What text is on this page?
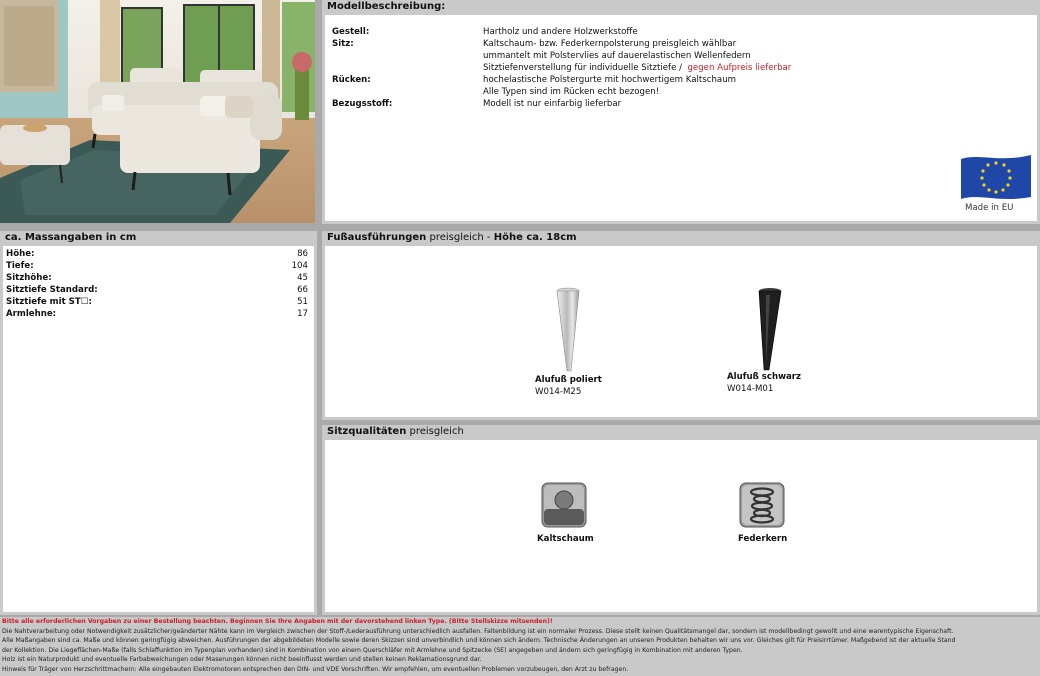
Modellbeschreibung:
Gestell:	Hartholz und andere Holzwerkstoffe
Sitz:	Kaltschaum- bzw. Federkernpolsterung preisgleich wählbar
ummantelt mit Polstervlies auf dauerelastischen Wellenfedern
Sitztiefenverstellung für individuelle Sitztiefe / gegen Aufpreis lieferbar
Rücken:	hochelastische Polstergurte mit hochwertigem Kaltschaum
Alle Typen sind im Rücken echt bezogen!
Bezugsstoff:	Modell ist nur einfarbig lieferbar
Made in EU
ca. Massangaben in cm
Höhe:	86
Tiefe:	104
Sitzhöhe:	45
Sitztiefe Standard:	66
Sitztiefe mit ST☐:	51
Armlehne:	17
Fußausführungen preisgleich - Höhe ca. 18cm
Alufuß poliert
W014-M25
Alufuß schwarz
W014-M01
Sitzqualitäten preisgleich
Kaltschaum	Federkern
Bitte alle erforderlichen Vorgaben zu einer Bestellung beachten. Beginnen Sie Ihre Angaben mit der davorstehend linken Type. (Bitte Stellskizze mitsenden)!
Die Nahtverarbeitung oder Notwendigkeit zusätzlicher/geänderter Nähte kann im Vergleich zwischen der Stoff-/Lederausführung unterschiedlich ausfallen. Faltenbildung ist ein normaler Prozess. Diese stellt keinen Qualitätsmangel dar, sondern ist modellbedingt gewollt und eine warentypische Eigenschaft.
Alle Maßangaben sind ca. Maße und können geringfügig abweichen. Ausführungen der abgebildeten Modelle sowie deren Skizzen sind unverbindlich und können sich ändern. Technische Änderungen an unseren Produkten behalten wir uns vor. Gleiches gilt für Preisirrtümer. Maßgebend ist der aktuelle Stand
der Kollektion. Die Liegeflächen-Maße (falls Schlaffunktion im Typenplan vorhanden) sind in Kombination von einem Querschläfer mit Armlehne und Spitzecke (SE) angegeben und ändern sich geringfügig in Kombination mit anderen Typen.
Holz ist ein Naturprodukt und eventuelle Farbabweichungen oder Maserungen können nicht beeinflusst werden und stellen keinen Reklamationsgrund dar.
Hinweis für Träger von Herzschrittmachern: Alle eingebauten Elektromotoren entsprechen den DIN- und VDE Vorschriften. Wir empfehlen, um eventuellen Problemen vorzubeugen, den Arzt zu befragen.
